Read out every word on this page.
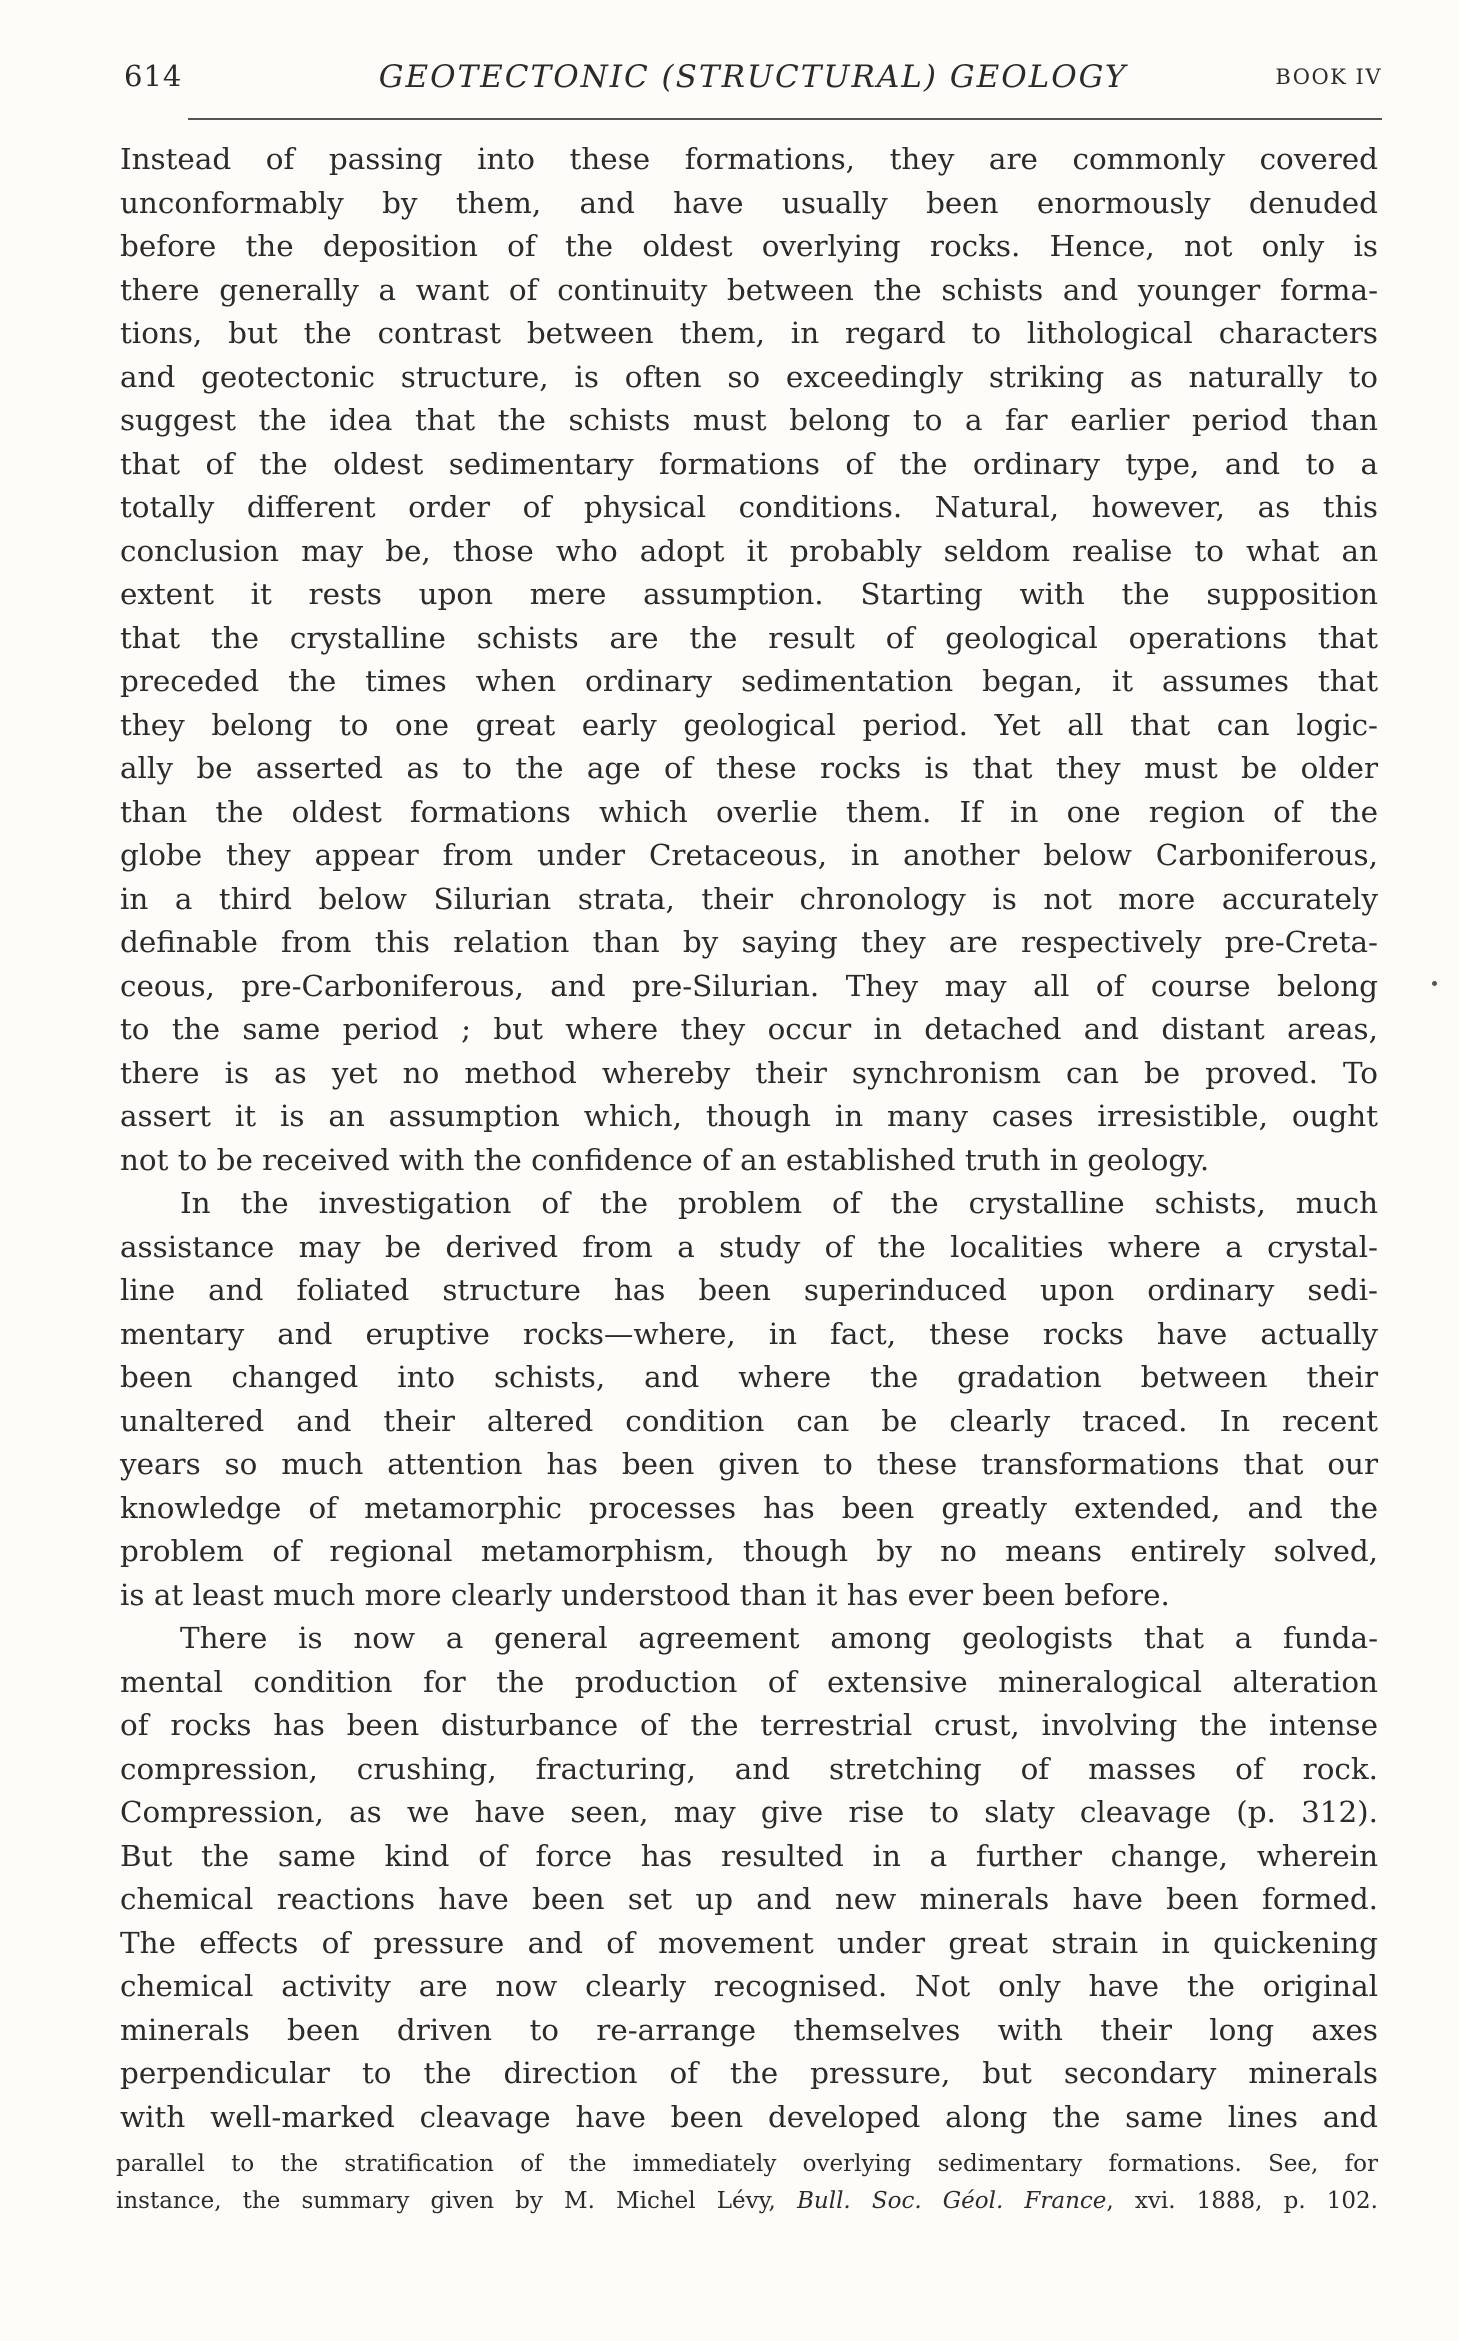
614	GEOTECTONIC (STRUCTURAL) GEOLOGY	BOOK IV
Instead of passing into these formations, they are commonly covered
unconformably by them, and have usually been enormously denuded
before the deposition of the oldest overlying rocks. Hence, not only is
there generally a want of continuity between the schists and younger forma-
tions, but the contrast between them, in regard to lithological characters
and geotectonic structure, is often so exceedingly striking as naturally to
suggest the idea that the schists must belong to a far earlier period than
that of the oldest sedimentary formations of the ordinary type, and to a
totally different order of physical conditions. Natural, however, as this
conclusion may be, those who adopt it probably seldom realise to what an
extent it rests upon mere assumption. Starting with the supposition
that the crystalline schists are the result of geological operations that
preceded the times when ordinary sedimentation began, it assumes that
they belong to one great early geological period. Yet all that can logic-
ally be asserted as to the age of these rocks is that they must be older
than the oldest formations which overlie them. If in one region of the
globe they appear from under Cretaceous, in another below Carboniferous,
in a third below Silurian strata, their chronology is not more accurately
definable from this relation than by saying they are respectively pre-Creta-
ceous, pre-Carboniferous, and pre-Silurian. They may all of course belong
to the same period ; but where they occur in detached and distant areas,
there is as yet no method whereby their synchronism can be proved. To
assert it is an assumption which, though in many cases irresistible, ought
not to be received with the confidence of an established truth in geology.
In the investigation of the problem of the crystalline schists, much
assistance may be derived from a study of the localities where a crystal-
line and foliated structure has been superinduced upon ordinary sedi-
mentary and eruptive rocks—where, in fact, these rocks have actually
been changed into schists, and where the gradation between their
unaltered and their altered condition can be clearly traced. In recent
years so much attention has been given to these transformations that our
knowledge of metamorphic processes has been greatly extended, and the
problem of regional metamorphism, though by no means entirely solved,
is at least much more clearly understood than it has ever been before.
There is now a general agreement among geologists that a funda-
mental condition for the production of extensive mineralogical alteration
of rocks has been disturbance of the terrestrial crust, involving the intense
compression, crushing, fracturing, and stretching of masses of rock.
Compression, as we have seen, may give rise to slaty cleavage (p. 312).
But the same kind of force has resulted in a further change, wherein
chemical reactions have been set up and new minerals have been formed.
The effects of pressure and of movement under great strain in quickening
chemical activity are now clearly recognised. Not only have the original
minerals been driven to re-arrange themselves with their long axes
perpendicular to the direction of the pressure, but secondary minerals
with well-marked cleavage have been developed along the same lines and
parallel to the stratification of the immediately overlying sedimentary formations. See, for
instance, the summary given by M. Michel Lévy, Bull. Soc. Géol. France, xvi. 1888, p. 102.
